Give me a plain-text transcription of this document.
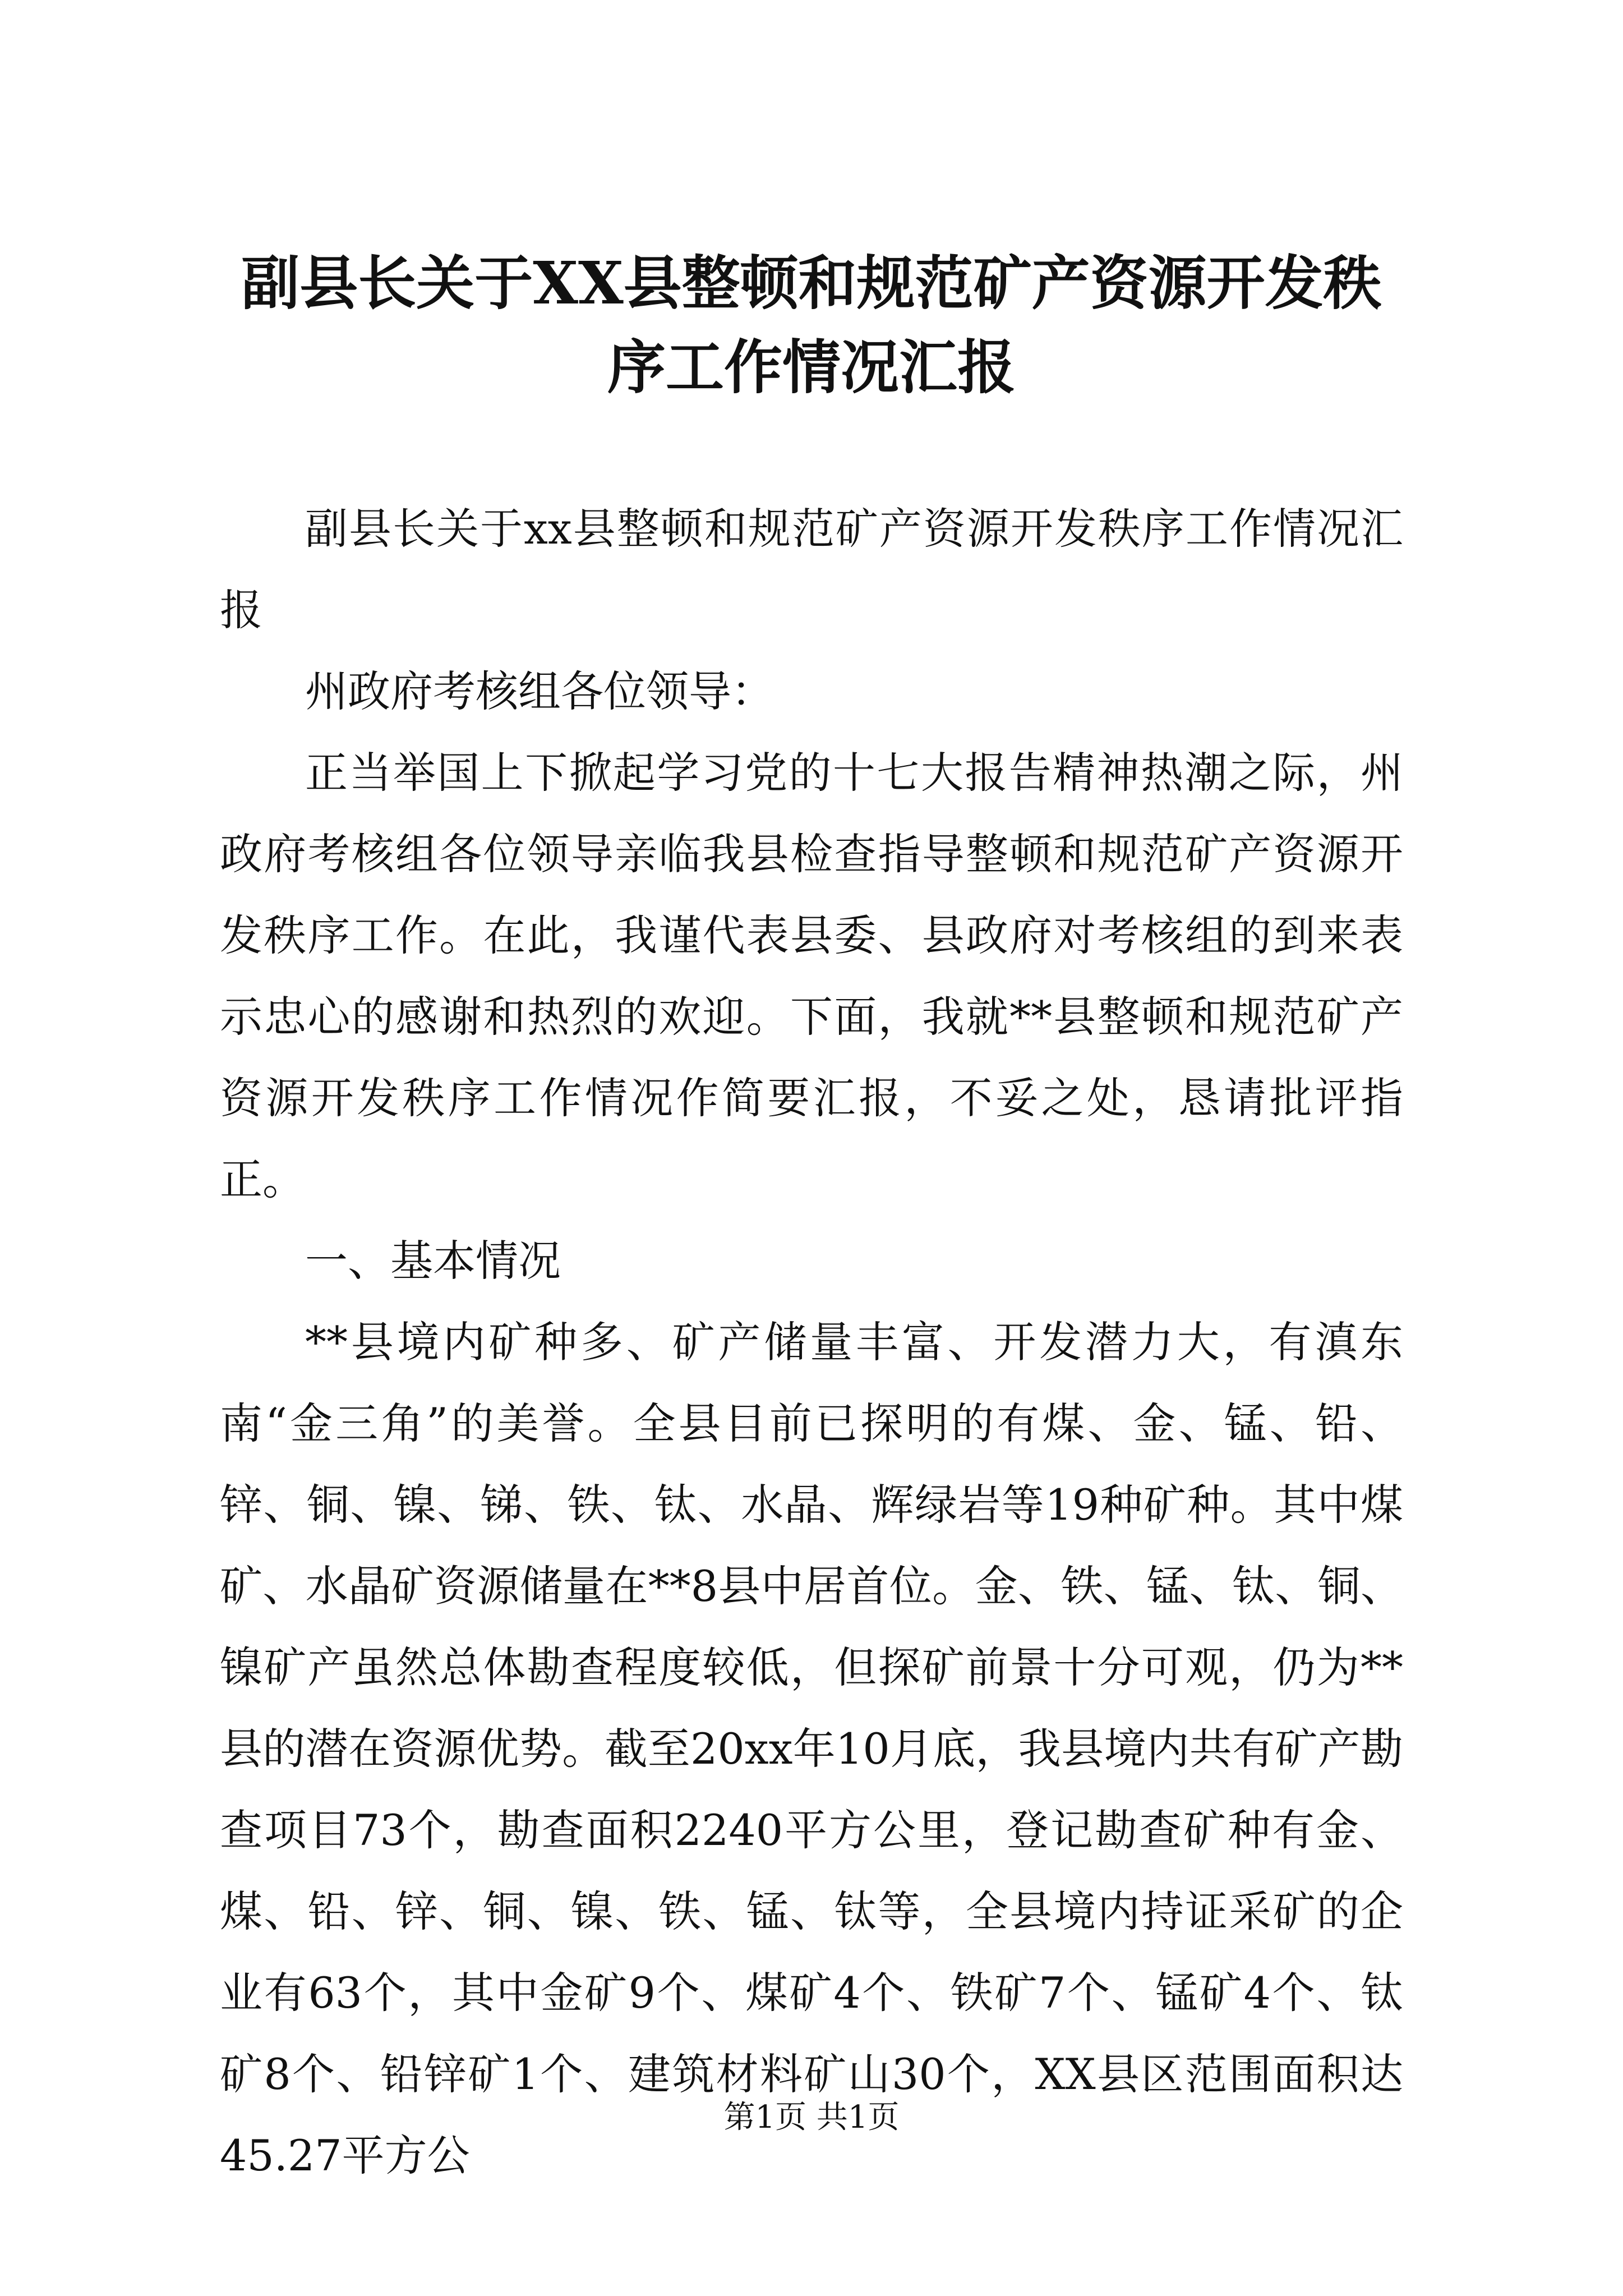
副县长关于XX县整顿和规范矿产资源开发秩序工作情况汇报

副县长关于xx县整顿和规范矿产资源开发秩序工作情况汇报

州政府考核组各位领导：

正当举国上下掀起学习党的十七大报告精神热潮之际，州政府考核组各位领导亲临我县检查指导整顿和规范矿产资源开发秩序工作。在此，我谨代表县委、县政府对考核组的到来表示忠心的感谢和热烈的欢迎。下面，我就**县整顿和规范矿产资源开发秩序工作情况作简要汇报，不妥之处，恳请批评指正。

一、基本情况

**县境内矿种多、矿产储量丰富、开发潜力大，有滇东南“金三角”的美誉。全县目前已探明的有煤、金、锰、铅、锌、铜、镍、锑、铁、钛、水晶、辉绿岩等19种矿种。其中煤矿、水晶矿资源储量在**8县中居首位。金、铁、锰、钛、铜、镍矿产虽然总体勘查程度较低，但探矿前景十分可观，仍为**县的潜在资源优势。截至20xx年10月底，我县境内共有矿产勘查项目73个，勘查面积2240平方公里，登记勘查矿种有金、煤、铅、锌、铜、镍、铁、锰、钛等，全县境内持证采矿的企业有63个，其中金矿9个、煤矿4个、铁矿7个、锰矿4个、钛矿8个、铅锌矿1个、建筑材料矿山30个，XX县区范围面积达45.27平方公

第1页 共1页
